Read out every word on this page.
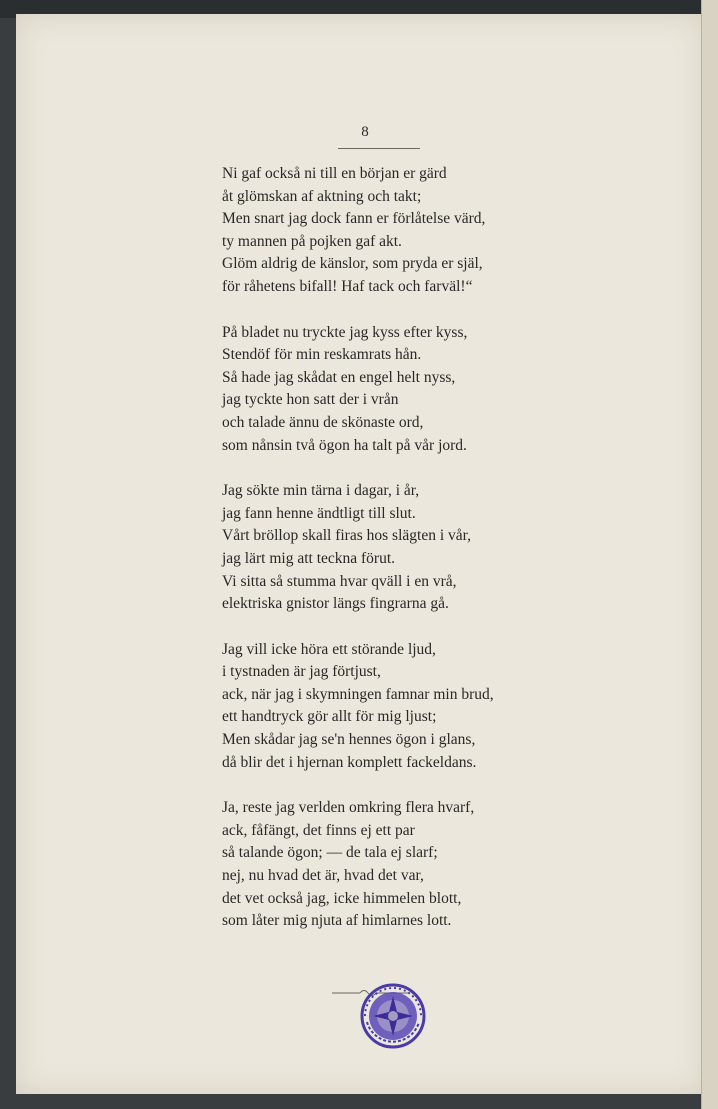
8
Ni gaf också ni till en början er gärd
åt glömskan af aktning och takt;
Men snart jag dock fann er förlåtelse värd,
ty mannen på pojken gaf akt.
Glöm aldrig de känslor, som pryda er själ,
för råhetens bifall! Haf tack och farväl!“
På bladet nu tryckte jag kyss efter kyss,
Stendöf för min reskamrats hån.
Så hade jag skådat en engel helt nyss,
jag tyckte hon satt der i vrån
och talade ännu de skönaste ord,
som nånsin två ögon ha talt på vår jord.
Jag sökte min tärna i dagar, i år,
jag fann henne ändtligt till slut.
Vårt bröllop skall firas hos slägten i vår,
jag lärt mig att teckna förut.
Vi sitta så stumma hvar qväll i en vrå,
elektriska gnistor längs fingrarna gå.
Jag vill icke höra ett störande ljud,
i tystnaden är jag förtjust,
ack, när jag i skymningen famnar min brud,
ett handtryck gör allt för mig ljust;
Men skådar jag se'n hennes ögon i glans,
då blir det i hjernan komplett fackeldans.
Ja, reste jag verlden omkring flera hvarf,
ack, fåfängt, det finns ej ett par
så talande ögon; — de tala ej slarf;
nej, nu hvad det är, hvad det var,
det vet också jag, icke himmelen blott,
som låter mig njuta af himlarnes lott.
